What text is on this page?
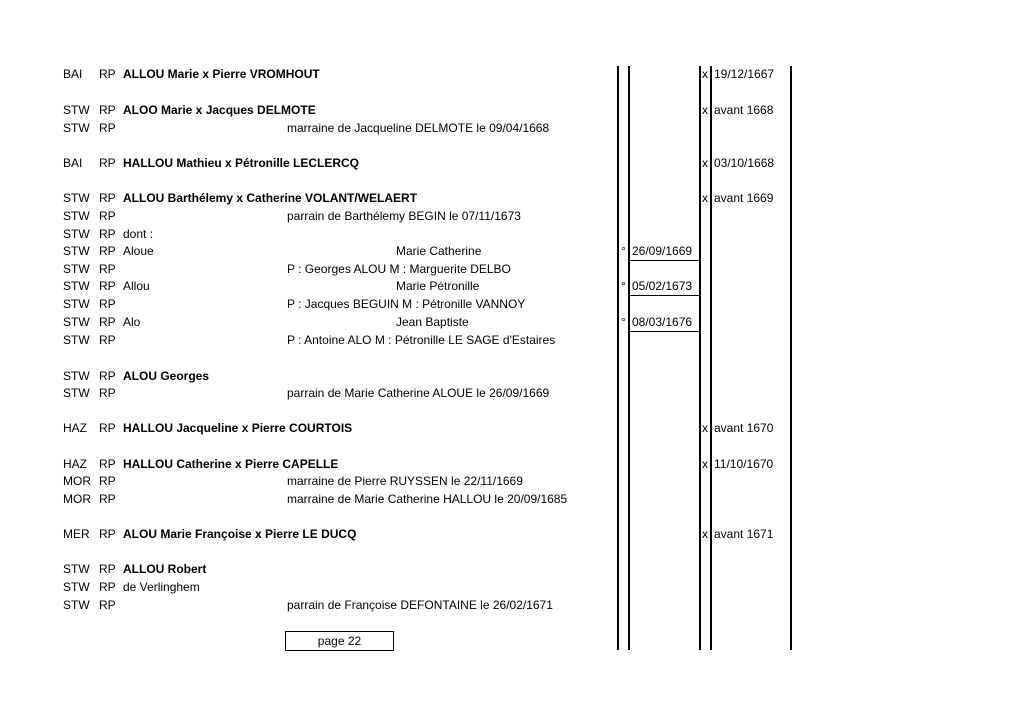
BAI RP ALLOU Marie x Pierre VROMHOUT	x 19/12/1667
STW RP ALOO Marie x Jacques DELMOTE	x avant 1668
STW RP	marraine de Jacqueline DELMOTE le 09/04/1668
BAI RP HALLOU Mathieu x Pétronille LECLERCQ	x 03/10/1668
STW RP ALLOU Barthélemy x Catherine VOLANT/WELAERT	x avant 1669
STW RP	parrain de Barthélemy BEGIN le 07/11/1673
STW RP dont :
STW RP Aloue	Marie Catherine	° 26/09/1669
STW RP	P : Georges ALOU M : Marguerite DELBO
STW RP Allou	Marie Pétronille	° 05/02/1673
STW RP	P : Jacques BEGUIN M : Pétronille VANNOY
STW RP Alo	Jean Baptiste	° 08/03/1676
STW RP	P : Antoine ALO M : Pétronille LE SAGE d'Estaires
STW RP ALOU Georges
STW RP	parrain de Marie Catherine ALOUE le 26/09/1669
HAZ RP HALLOU Jacqueline x Pierre COURTOIS	x avant 1670
HAZ RP HALLOU Catherine x Pierre CAPELLE	x 11/10/1670
MOR RP	marraine de Pierre RUYSSEN le 22/11/1669
MOR RP	marraine de Marie Catherine HALLOU le 20/09/1685
MER RP ALOU Marie Françoise x Pierre LE DUCQ	x avant 1671
STW RP ALLOU Robert
STW RP de Verlinghem
STW RP	parrain de Françoise DEFONTAINE le 26/02/1671
page 22
